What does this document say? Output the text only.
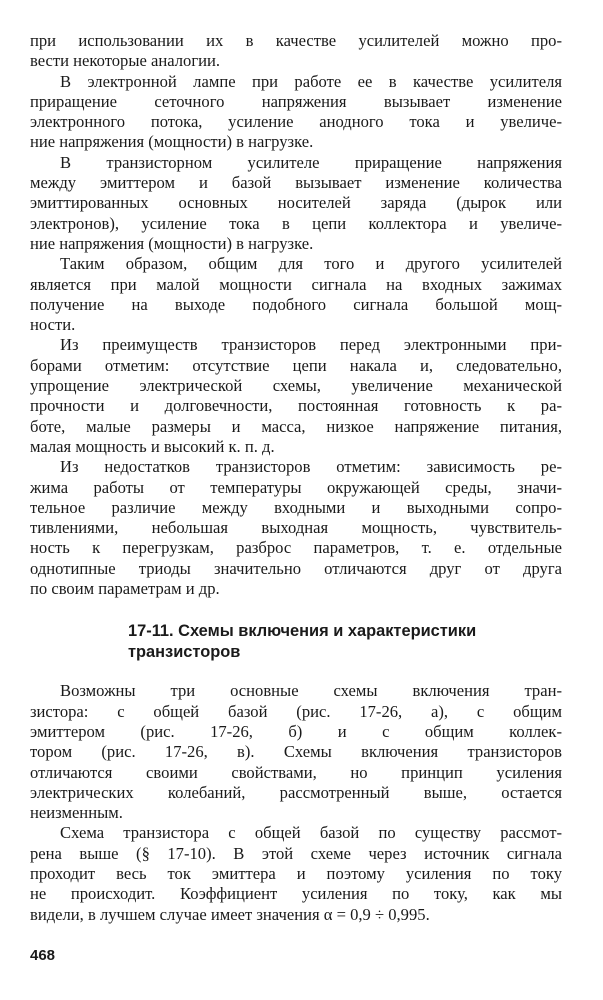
при использовании их в качестве усилителей можно про-
вести некоторые аналогии.
В электронной лампе при работе ее в качестве усилителя
приращение сеточного напряжения вызывает изменение
электронного потока, усиление анодного тока и увеличе-
ние напряжения (мощности) в нагрузке.
В транзисторном усилителе приращение напряжения
между эмиттером и базой вызывает изменение количества
эмиттированных основных носителей заряда (дырок или
электронов), усиление тока в цепи коллектора и увеличе-
ние напряжения (мощности) в нагрузке.
Таким образом, общим для того и другого усилителей
является при малой мощности сигнала на входных зажимах
получение на выходе подобного сигнала большой мощ-
ности.
Из преимуществ транзисторов перед электронными при-
борами отметим: отсутствие цепи накала и, следовательно,
упрощение электрической схемы, увеличение механической
прочности и долговечности, постоянная готовность к ра-
боте, малые размеры и масса, низкое напряжение питания,
малая мощность и высокий к. п. д.
Из недостатков транзисторов отметим: зависимость ре-
жима работы от температуры окружающей среды, значи-
тельное различие между входными и выходными сопро-
тивлениями, небольшая выходная мощность, чувствитель-
ность к перегрузкам, разброс параметров, т. е. отдельные
однотипные триоды значительно отличаются друг от друга
по своим параметрам и др.
17-11. Схемы включения и характеристики
транзисторов
Возможны три основные схемы включения тран-
зистора: с общей базой (рис. 17-26, а), с общим
эмиттером (рис. 17-26, б) и с общим коллек-
тором (рис. 17-26, в). Схемы включения транзисторов
отличаются своими свойствами, но принцип усиления
электрических колебаний, рассмотренный выше, остается
неизменным.
Схема транзистора с общей базой по существу рассмот-
рена выше (§ 17-10). В этой схеме через источник сигнала
проходит весь ток эмиттера и поэтому усиления по току
не происходит. Коэффициент усиления по току, как мы
видели, в лучшем случае имеет значения α = 0,9 ÷ 0,995.
468
